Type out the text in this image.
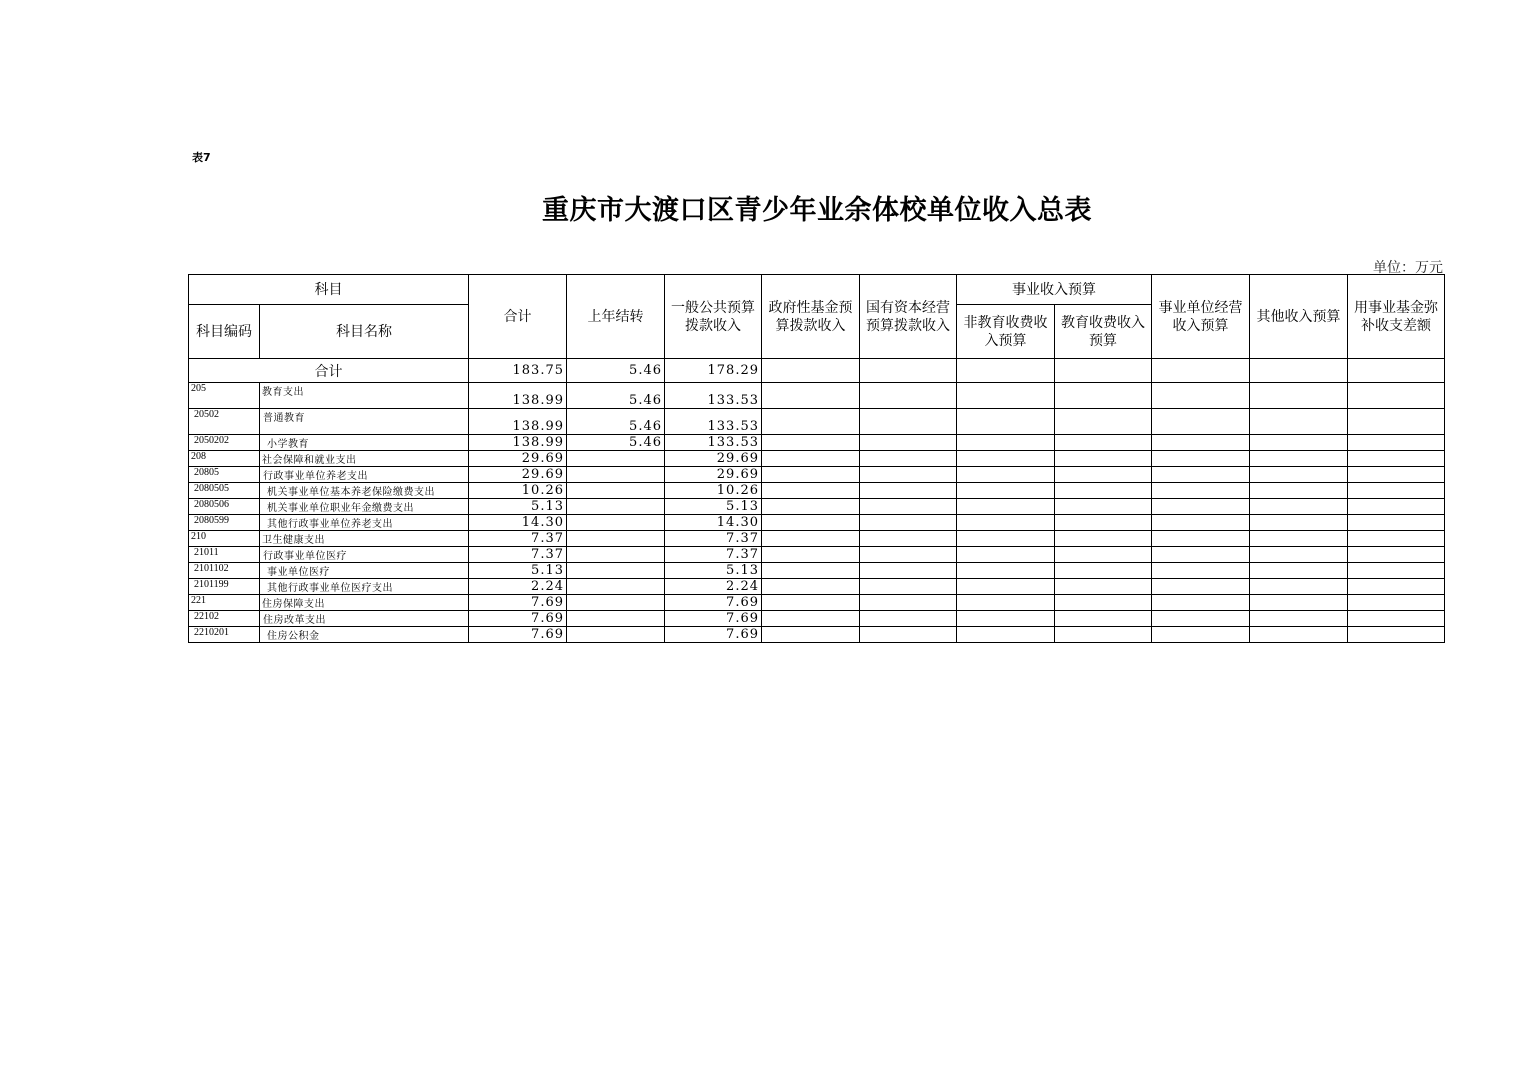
表7
重庆市大渡口区青少年业余体校单位收入总表
单位：万元
科目		合计	上年结转	一般公共预算拨款收入	政府性基金预算拨款收入	国有资本经营预算拨款收入	事业收入预算		事业单位经营收入预算	其他收入预算	用事业基金弥补收支差额
科目编码	科目名称						非教育收费收入预算	教育收费收入预算			
合计		183.75	5.46	178.29							
205	教育支出	138.99	5.46	133.53							
20502	普通教育	138.99	5.46	133.53							
2050202	小学教育	138.99	5.46	133.53							
208	社会保障和就业支出	29.69		29.69							
20805	行政事业单位养老支出	29.69		29.69							
2080505	机关事业单位基本养老保险缴费支出	10.26		10.26							
2080506	机关事业单位职业年金缴费支出	5.13		5.13							
2080599	其他行政事业单位养老支出	14.30		14.30							
210	卫生健康支出	7.37		7.37							
21011	行政事业单位医疗	7.37		7.37							
2101102	事业单位医疗	5.13		5.13							
2101199	其他行政事业单位医疗支出	2.24		2.24							
221	住房保障支出	7.69		7.69							
22102	住房改革支出	7.69		7.69							
2210201	住房公积金	7.69		7.69							
